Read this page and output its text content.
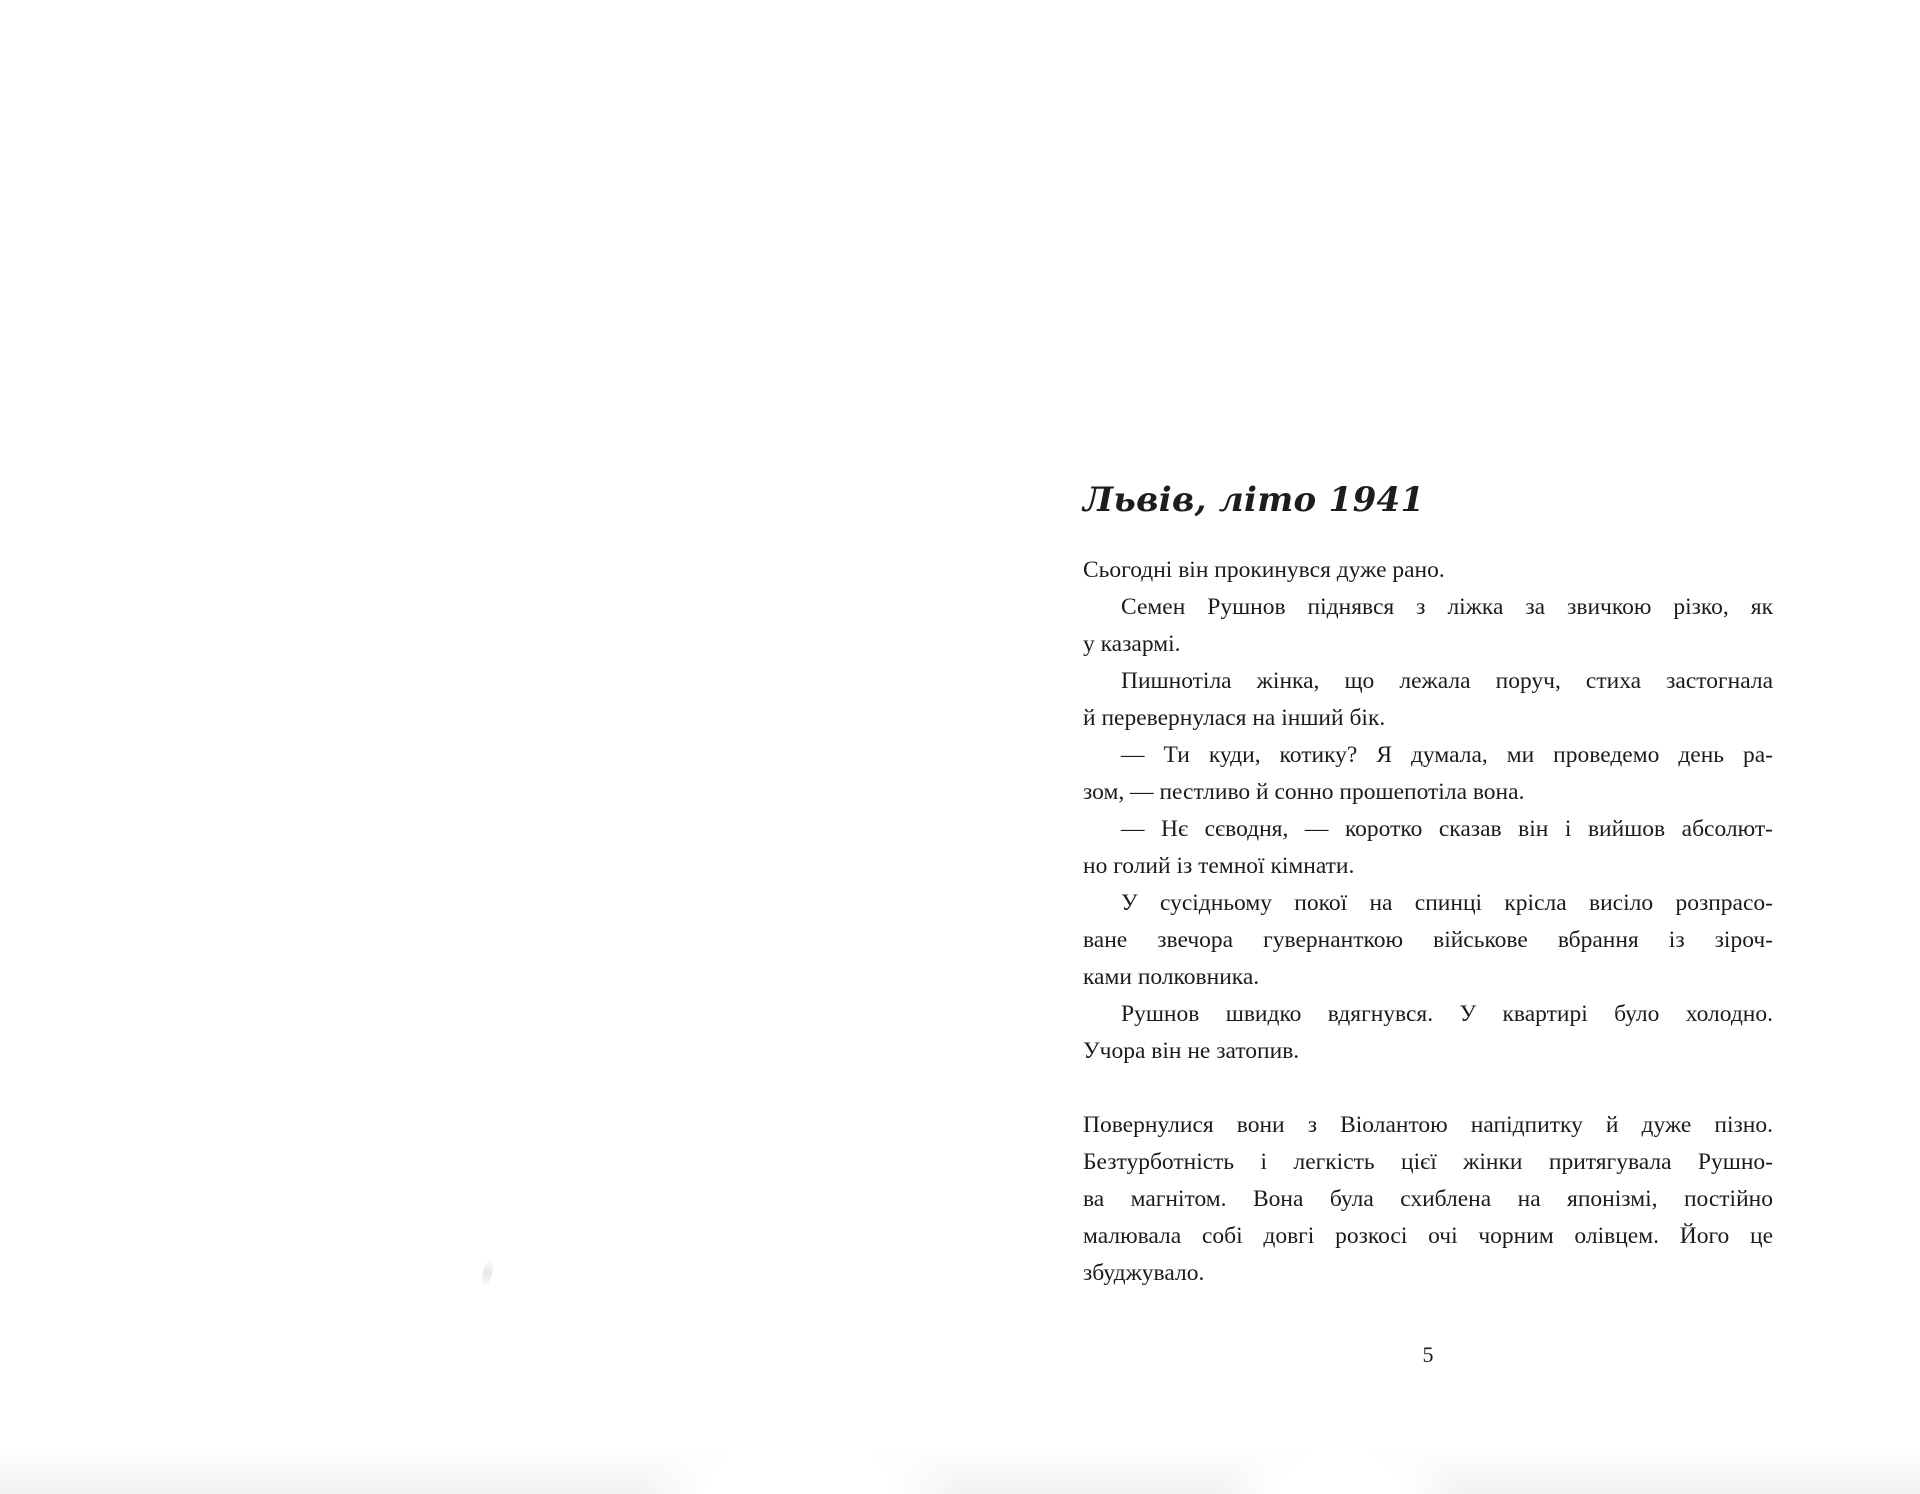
Львів, літо 1941

Сьогодні він прокинувся дуже рано.

Семен Рушнов піднявся з ліжка за звичкою різко, як
у казармі.

Пишнотіла жінка, що лежала поруч, стиха застогнала
й перевернулася на інший бік.

— Ти куди, котику? Я думала, ми проведемо день ра-
зом, — пестливо й сонно прошепотіла вона.

— Нє сєводня, — коротко сказав він і вийшов абсолют-
но голий із темної кімнати.

У сусідньому покої на спинці крісла висіло розпрасо-
ване звечора гувернанткою військове вбрання із зіроч-
ками полковника.

Рушнов швидко вдягнувся. У квартирі було холодно.
Учора він не затопив.

Повернулися вони з Віолантою напідпитку й дуже пізно.
Безтурботність і легкість цієї жінки притягувала Рушно-
ва магнітом. Вона була схиблена на японізмі, постійно
малювала собі довгі розкосі очі чорним олівцем. Його це
збуджувало.

5
